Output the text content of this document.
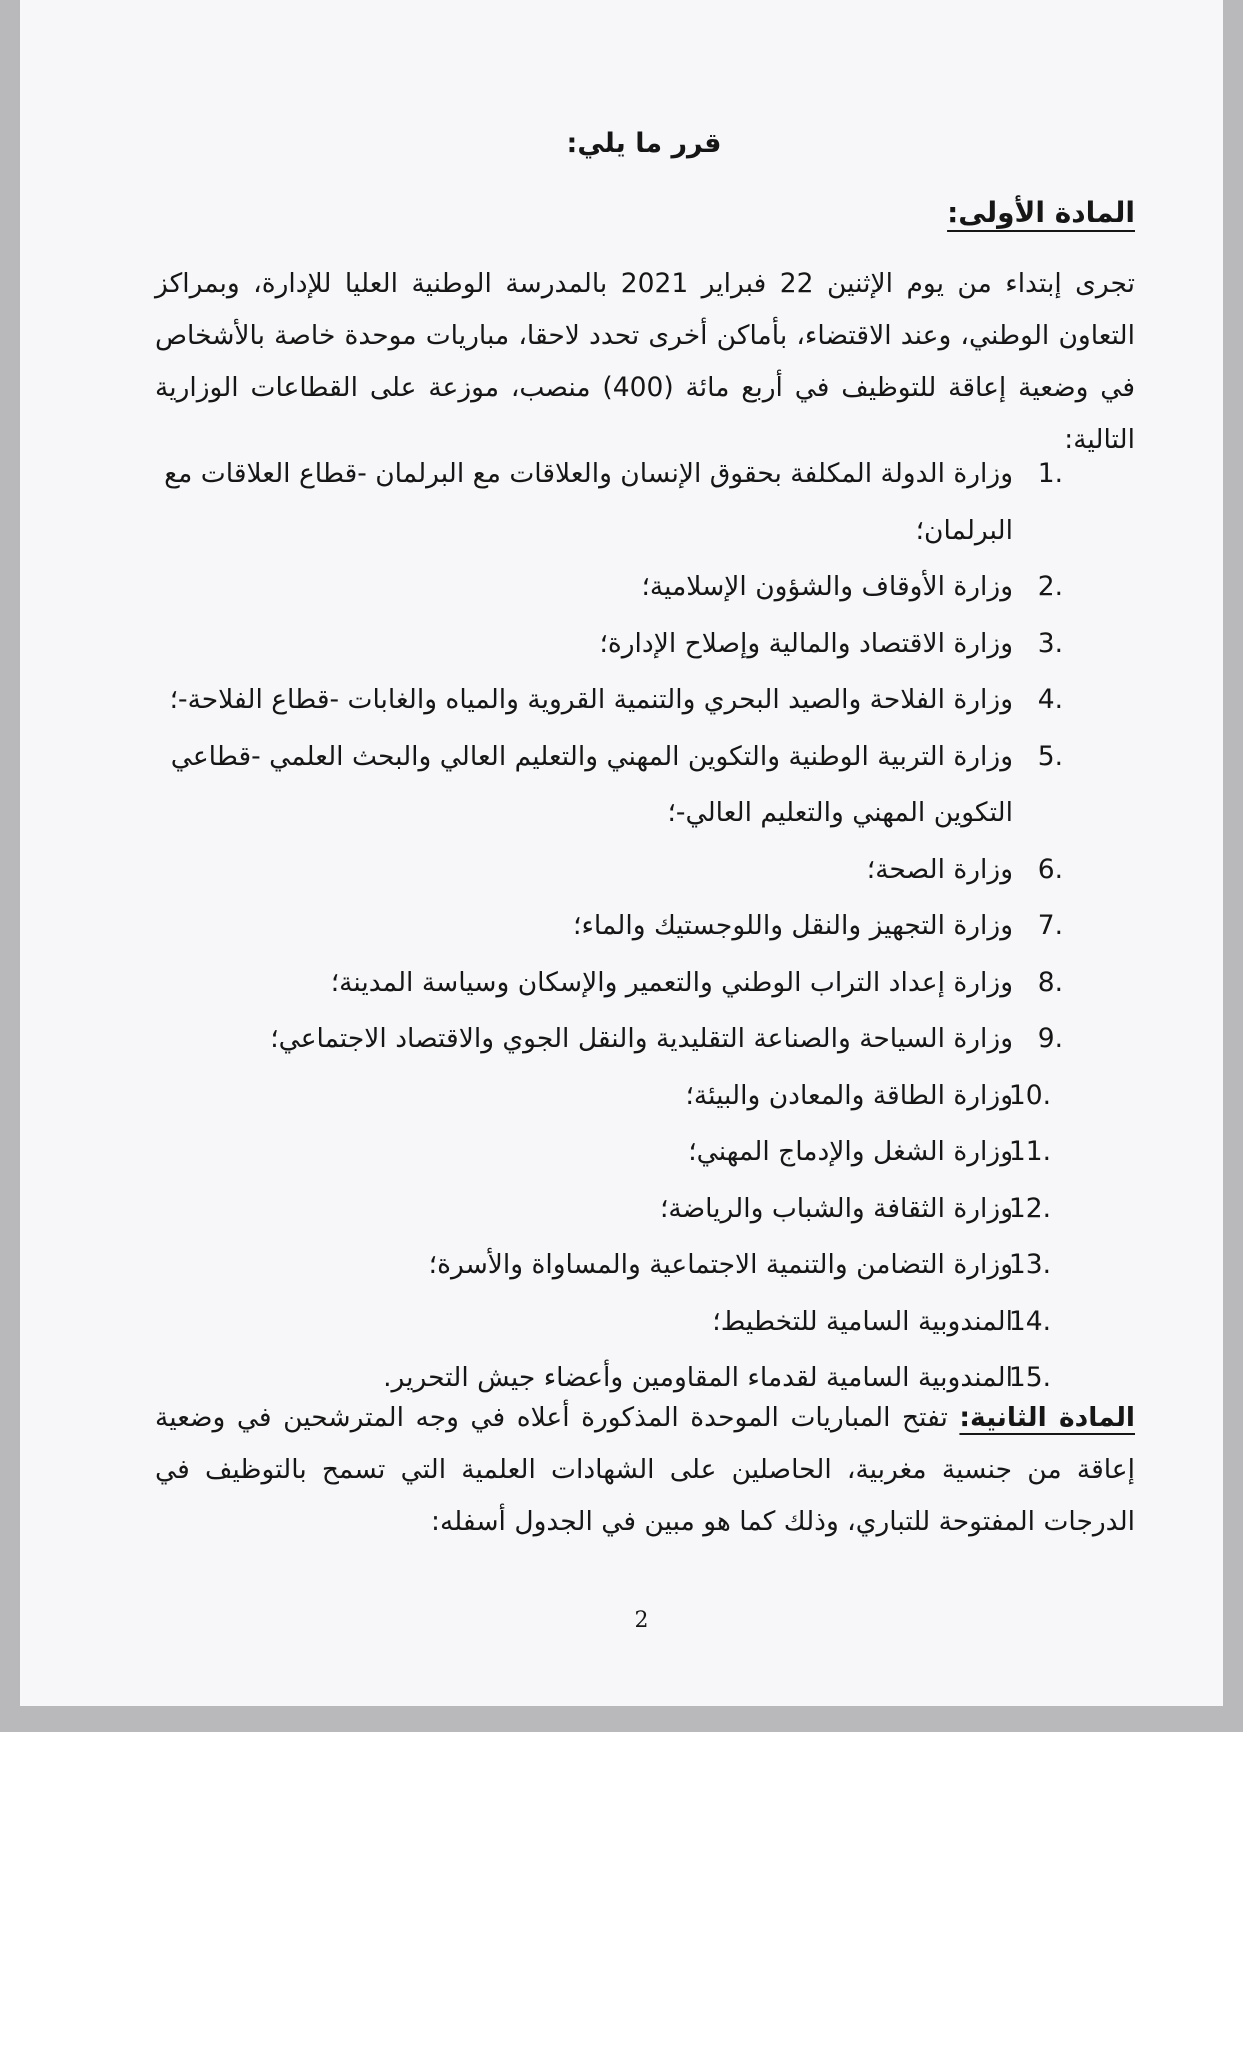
قرر ما يلي:
المادة الأولى:
تجرى إبتداء من يوم الإثنين 22 فبراير 2021 بالمدرسة الوطنية العليا للإدارة، وبمراكز التعاون الوطني، وعند الاقتضاء، بأماكن أخرى تحدد لاحقا، مباريات موحدة خاصة بالأشخاص في وضعية إعاقة للتوظيف في أربع مائة (400) منصب، موزعة على القطاعات الوزارية التالية:
1.
وزارة الدولة المكلفة بحقوق الإنسان والعلاقات مع البرلمان -قطاع العلاقات مع البرلمان؛
2.
وزارة الأوقاف والشؤون الإسلامية؛
3.
وزارة الاقتصاد والمالية وإصلاح الإدارة؛
4.
وزارة الفلاحة والصيد البحري والتنمية القروية والمياه والغابات -قطاع الفلاحة-؛
5.
وزارة التربية الوطنية والتكوين المهني والتعليم العالي والبحث العلمي -قطاعي التكوين المهني والتعليم العالي-؛
6.
وزارة الصحة؛
7.
وزارة التجهيز والنقل واللوجستيك والماء؛
8.
وزارة إعداد التراب الوطني والتعمير والإسكان وسياسة المدينة؛
9.
وزارة السياحة والصناعة التقليدية والنقل الجوي والاقتصاد الاجتماعي؛
10.
وزارة الطاقة والمعادن والبيئة؛
11.
وزارة الشغل والإدماج المهني؛
12.
وزارة الثقافة والشباب والرياضة؛
13.
وزارة التضامن والتنمية الاجتماعية والمساواة والأسرة؛
14.
المندوبية السامية للتخطيط؛
15.
المندوبية السامية لقدماء المقاومين وأعضاء جيش التحرير.
المادة الثانية: تفتح المباريات الموحدة المذكورة أعلاه في وجه المترشحين في وضعية إعاقة من جنسية مغربية، الحاصلين على الشهادات العلمية التي تسمح بالتوظيف في الدرجات المفتوحة للتباري، وذلك كما هو مبين في الجدول أسفله:
2
